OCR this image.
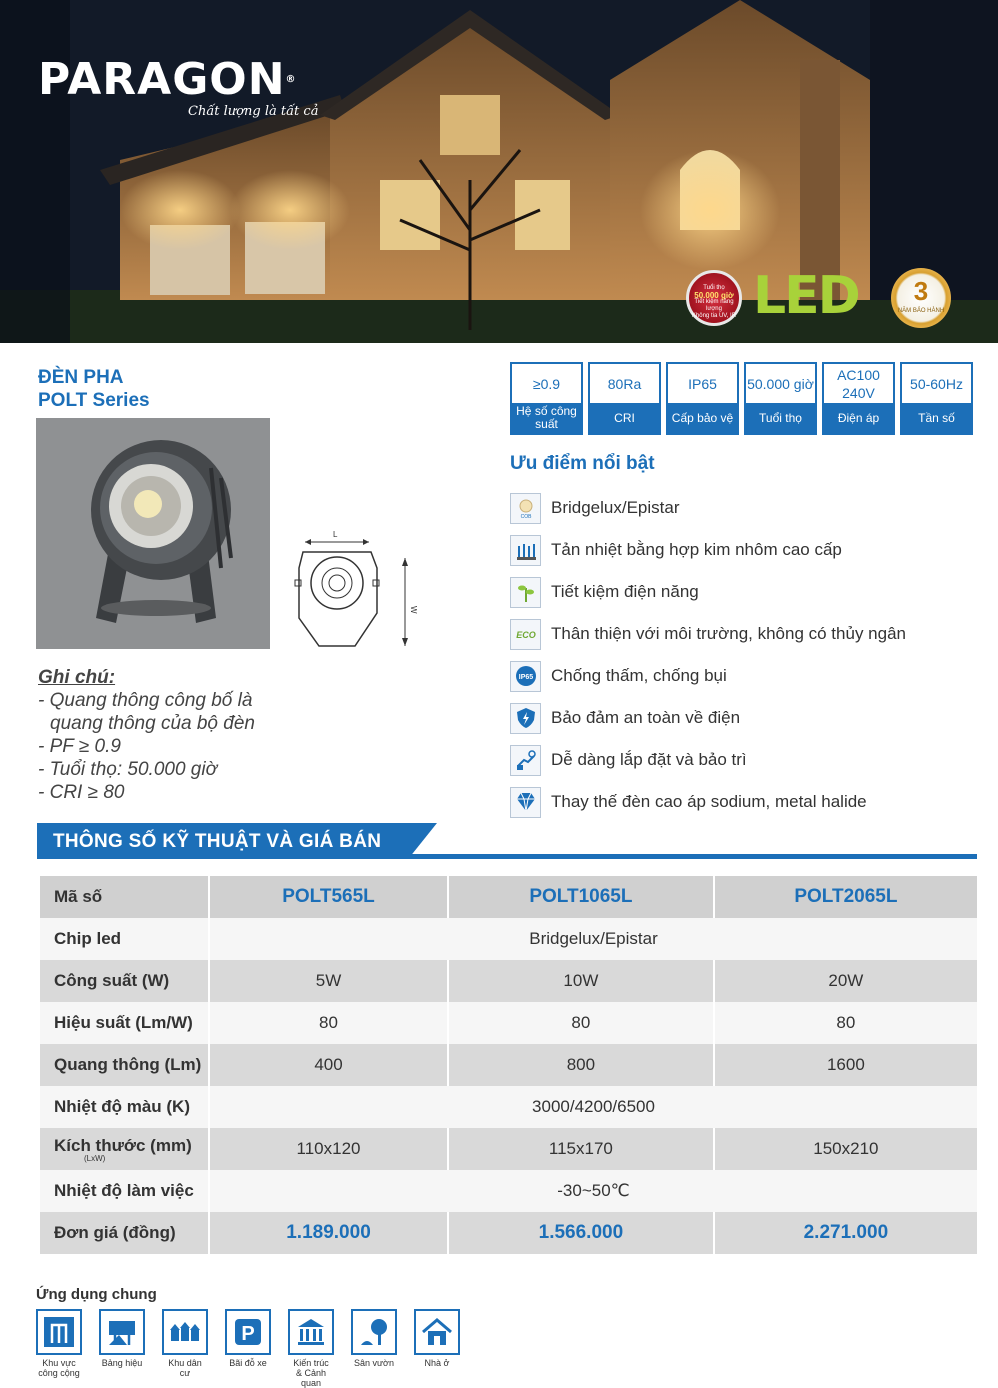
PARAGON®
Chất lượng là tất cả
Tuổi thọ
50.000 giờ
Tiết kiệm năng lượng
Không tia UV, IR LED	3
NĂM BẢO HÀNH
ĐÈN PHA
POLT Series
L
W
≥0.9
Hệ số công suất
80Ra
CRI
IP65
Cấp bảo vệ
50.000 giờ
Tuổi thọ
AC100 240V
Điện áp
50-60Hz
Tần số
Ưu điểm nổi bật
COB Bridgelux/Epistar
Tản nhiệt bằng hợp kim nhôm cao cấp
Tiết kiệm điện năng
ECO Thân thiện với môi trường, không có thủy ngân
IP65 Chống thấm, chống bụi
Bảo đảm an toàn về điện
Dễ dàng lắp đặt và bảo trì
Thay thế đèn cao áp sodium, metal halide
Ghi chú:
- Quang thông công bố là
quang thông của bộ đèn
- PF ≥ 0.9
- Tuổi thọ: 50.000 giờ
- CRI ≥ 80
THÔNG SỐ KỸ THUẬT VÀ GIÁ BÁN
Mã số	POLT565L	POLT1065L	POLT2065L
Chip led	Bridgelux/Epistar		
Công suất (W)	5W	10W	20W
Hiệu suất (Lm/W)	80	80	80
Quang thông (Lm)	400	800	1600
Nhiệt độ màu (K)	3000/4200/6500		
Kích thước (mm)
(LxW)	110x120	115x170	150x210
Nhiệt độ làm việc	-30~50℃		
Đơn giá (đồng)	1.189.000	1.566.000	2.271.000
Ứng dụng chung
Khu vực
công cộng
Bảng hiệu	Khu dân cư
P
Bãi đỗ xe	Kiến trúc
& Cảnh quan
Sân vườn	Nhà ở
